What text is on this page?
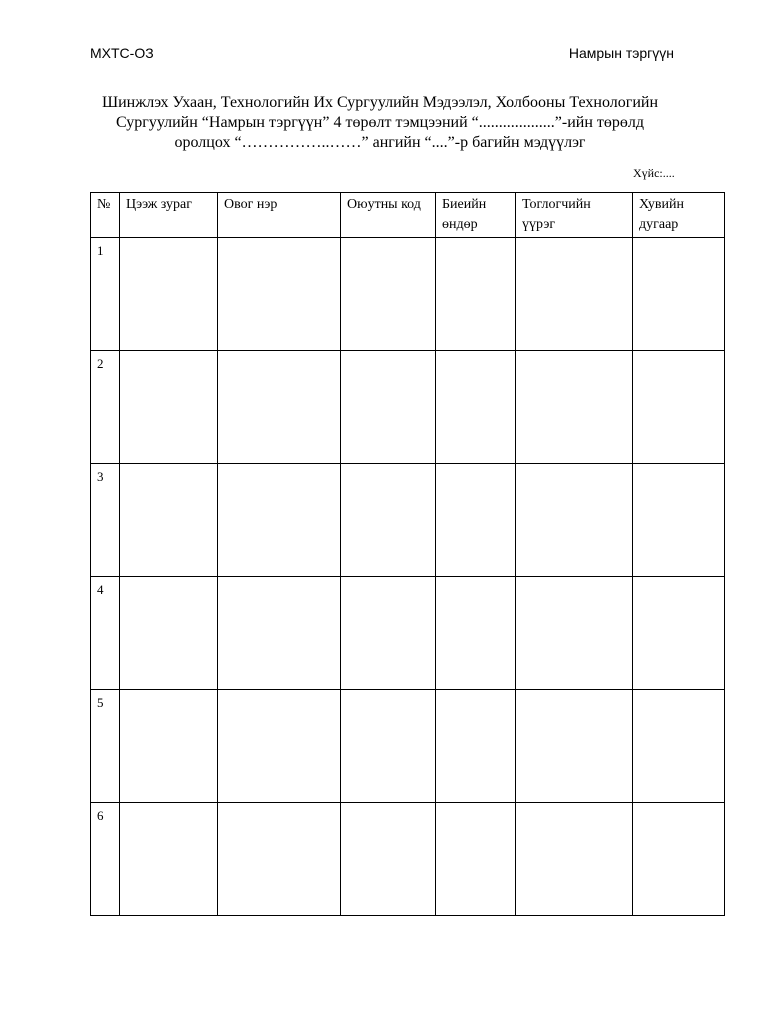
МХТС-ОЗ	Намрын тэргүүн
Шинжлэх Ухаан, Технологийн Их Сургуулийн Мэдээлэл, Холбооны Технологийн
Сургуулийн “Намрын тэргүүн” 4 төрөлт тэмцээний “...................”-ийн төрөлд
оролцох “……………..……” ангийн “....”-р багийн мэдүүлэг
Хүйс:....
№	Цээж зураг	Овог нэр	Оюутны код	Биеийн өндөр	Тоглогчийн үүрэг	Хувийн дугаар
1						
2						
3						
4						
5						
6						
